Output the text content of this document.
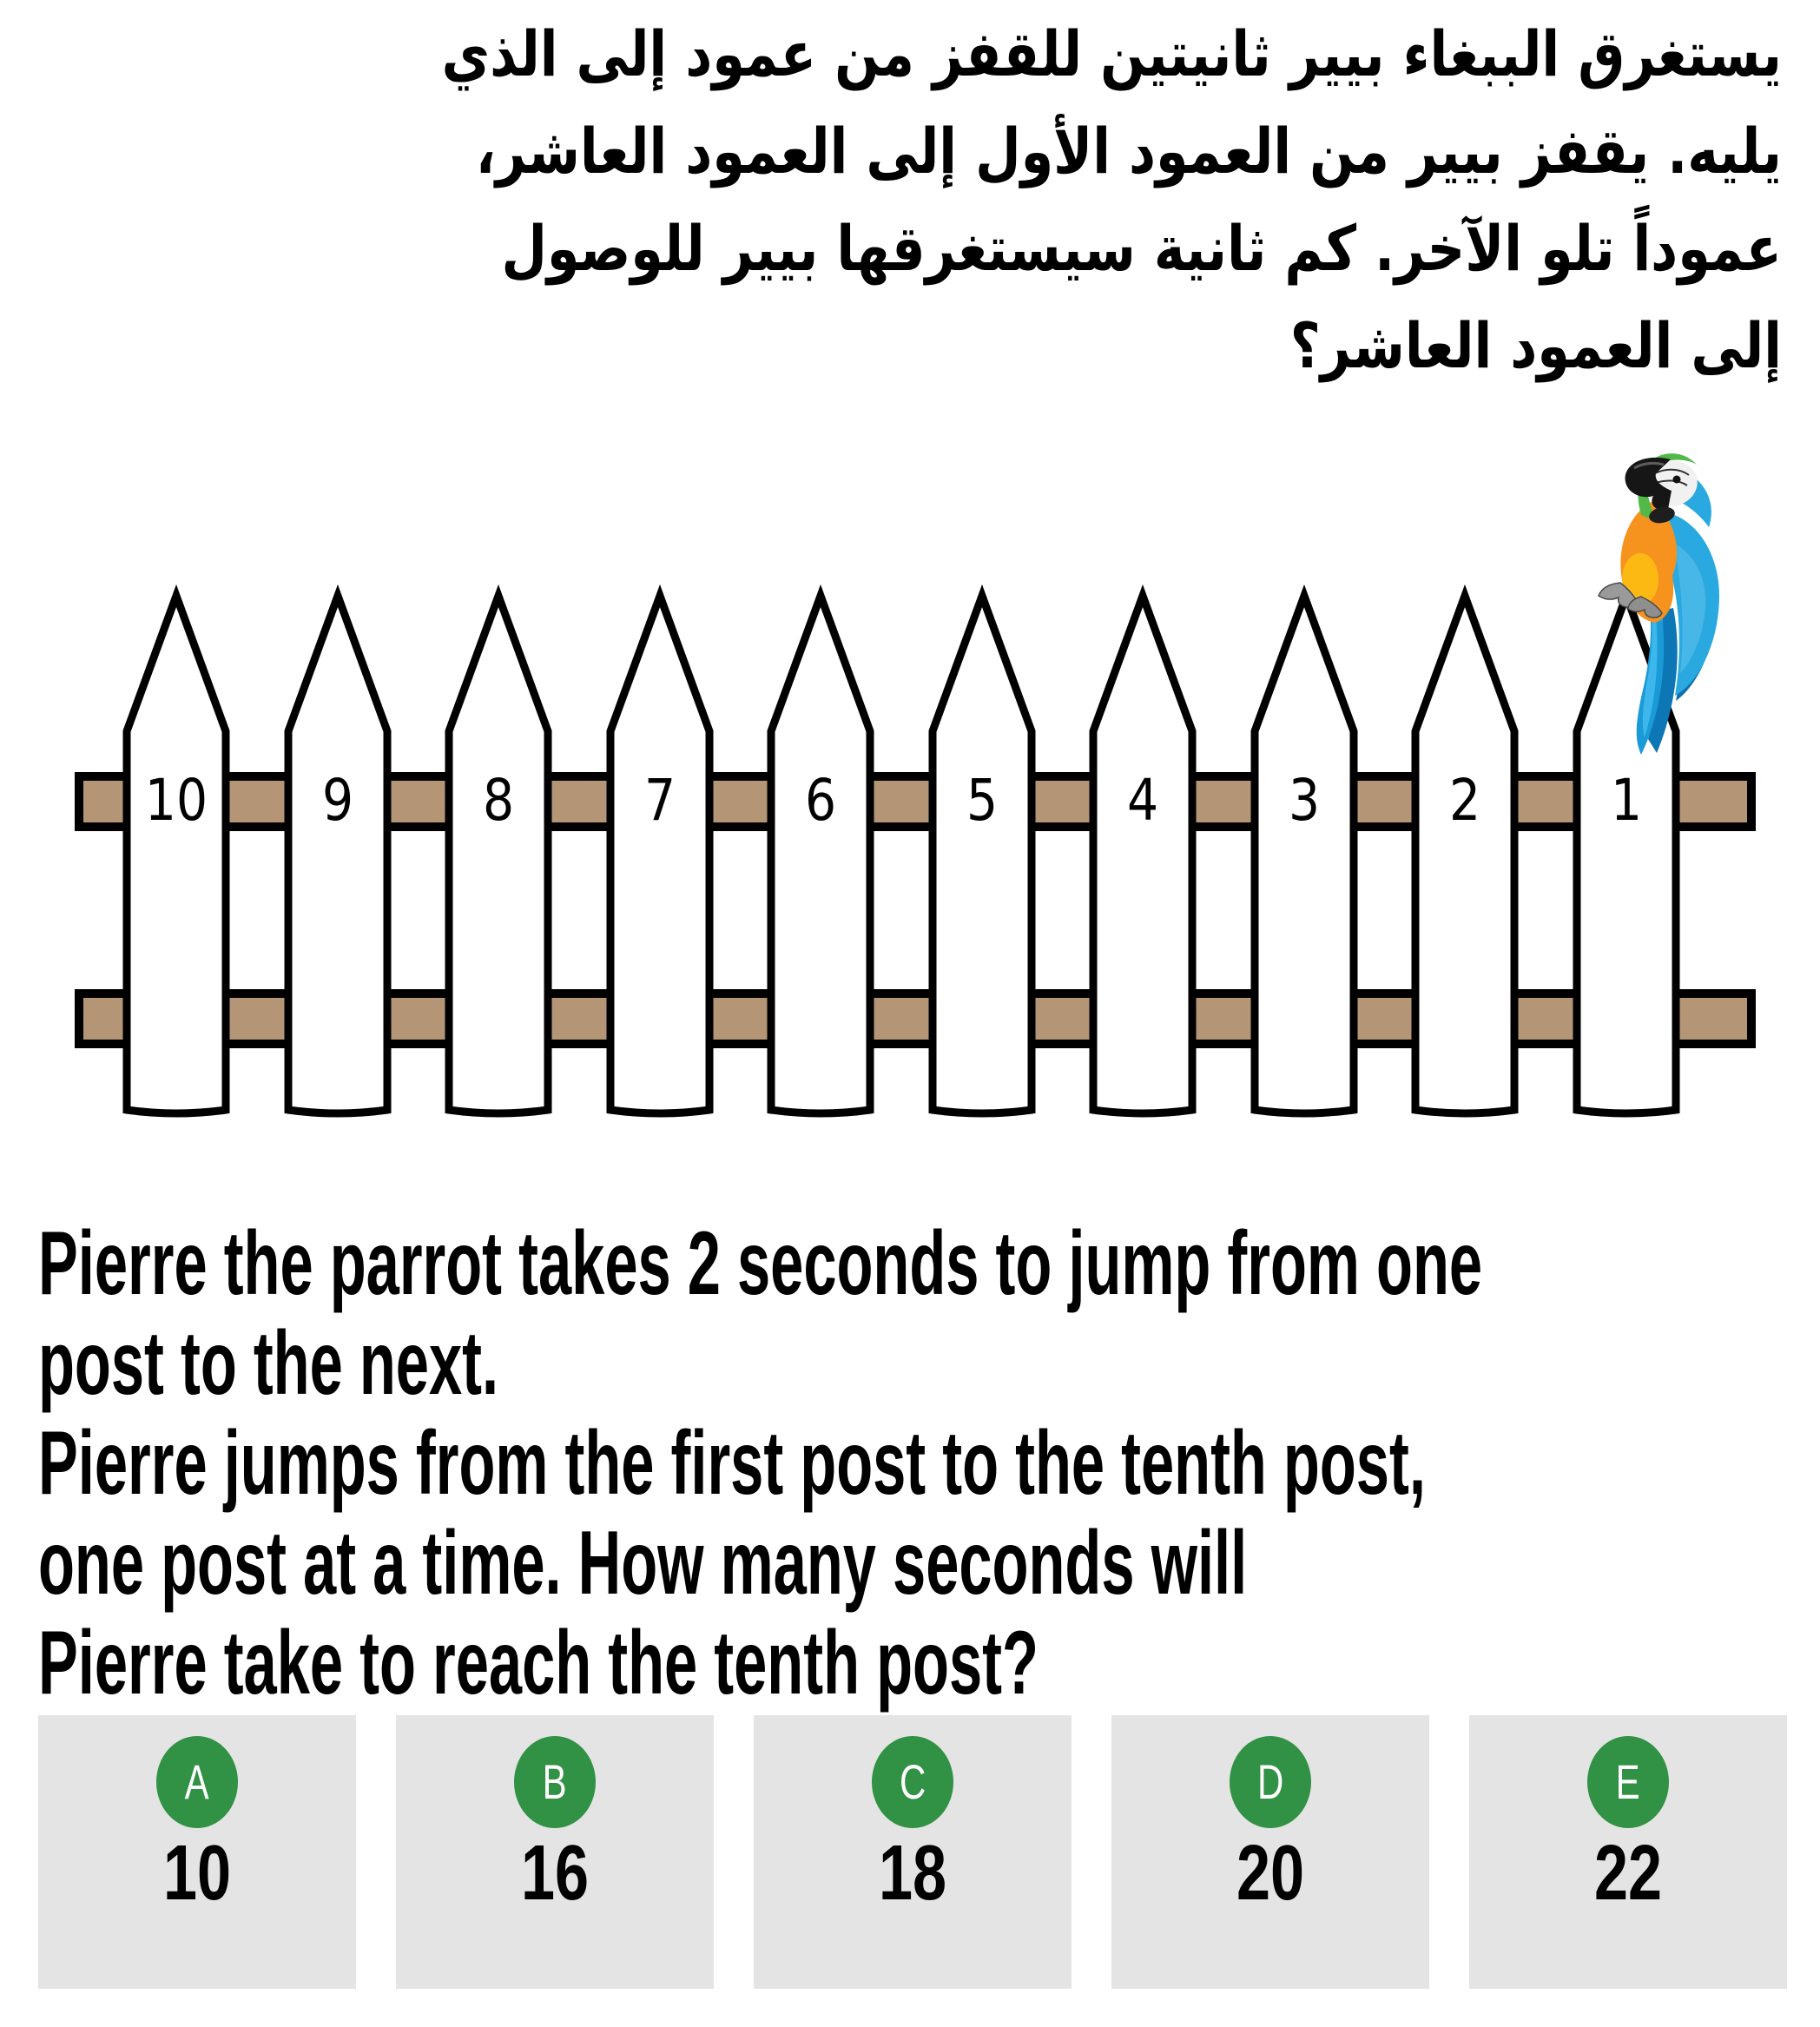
يستغرق الببغاء بيير ثانيتين للقفز من عمود إلى الذي
يليه. يقفز بيير من العمود الأول إلى العمود العاشر،
عموداً تلو الآخر. كم ثانية سيستغرقها بيير للوصول
إلى العمود العاشر؟
10	9	8	7	6	5	4	3	2	1
Pierre the parrot takes 2 seconds to jump from one
post to the next.
Pierre jumps from the first post to the tenth post,
one post at a time. How many seconds will
Pierre take to reach the tenth post?
A
10
B
16
C
18
D
20
E
22
